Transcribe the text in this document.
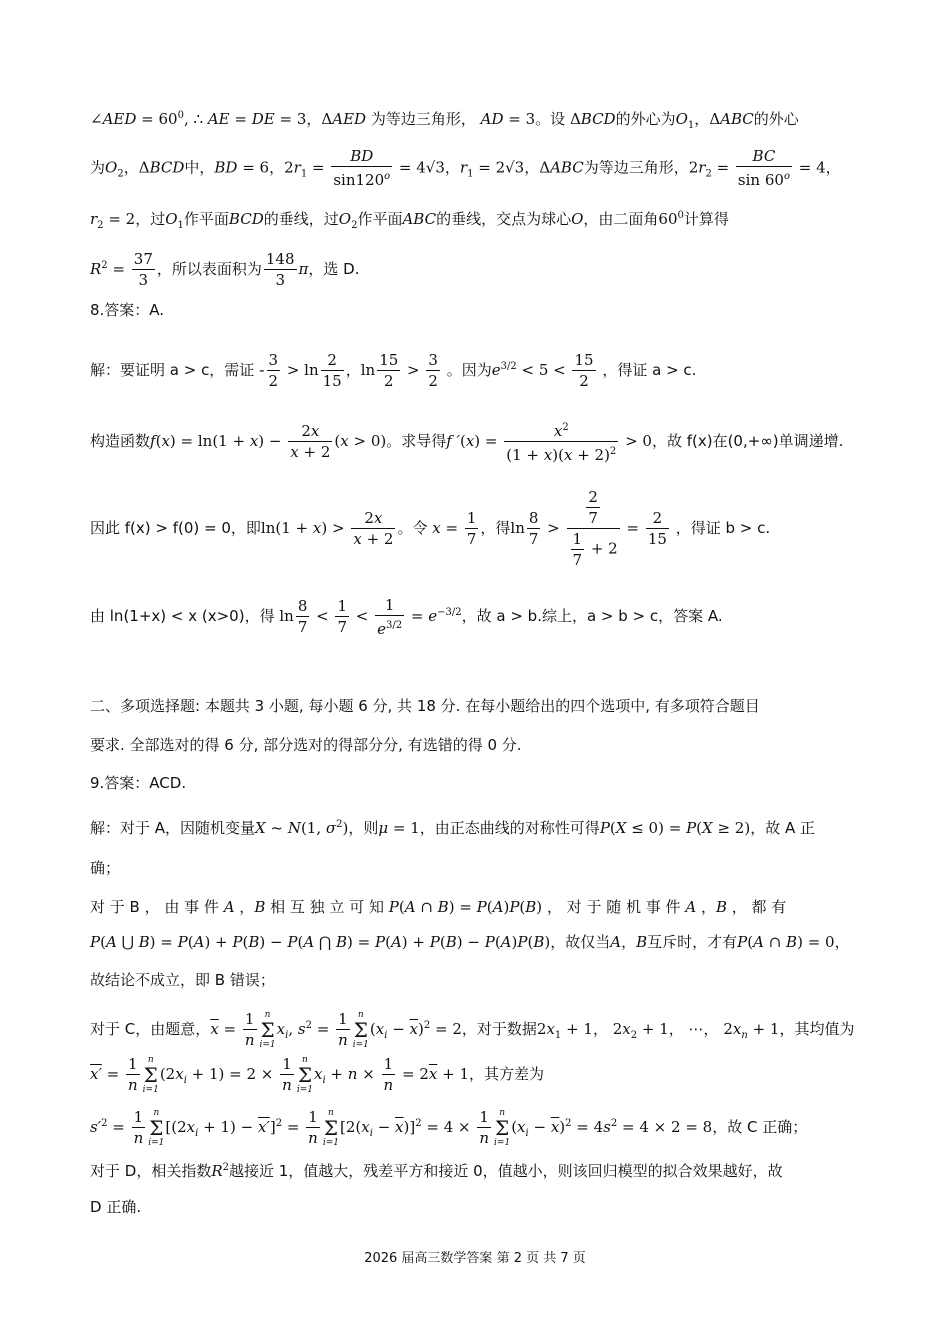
∠AED = $60^0$, ∴ AE = DE = 3，ΔAED 为等边三角形， AD = 3。设 ΔBCD的外心为$O_1$，ΔABC的外心
为$O_2$，ΔBCD中，BD = 6，$2r_1 = \frac{BD}{\sin 120^o} = 4√3$，$r_1 = 2√3$，ΔABC为等边三角形，$2r_2 = \frac{BC}{\sin 60^o} = 4$，
$r_2 = 2$，过$O_1$作平面BCD的垂线，过$O_2$作平面ABC的垂线，交点为球心O，由二面角$60^0$计算得
$R^2 = \frac{37}{3}$ ，所以表面积为 $\frac{148}{3}$ π，选 D.
8.答案：A.
解：要证明 a > c，需证 - $\frac{3}{2} > \ln \frac{2}{15}$ ，$\ln \frac{15}{2} > \frac{3}{2}$ 。因为$e^{3/2} < 5 < \frac{15}{2}$ ，得证 a > c.
构造函数$f(x) = \ln(1 + x) - \frac{2x}{x + 2} (x > 0)$。求导得f $'(x) = \frac{x^2}{(1 + x)(x + 2)^2} > 0$，故 f(x)在(0,+∞)单调递增.
因此 f(x) > f(0) = 0，即$\ln(1 + x) > \frac{2x}{x + 2}$ 。令 $x = \frac{1}{7}$ ，得$\ln \frac{8}{7} > \frac{\frac{2}{7}}{\frac{1}{7} + 2} = \frac{2}{15}$ ，得证 b > c.
由 ln(1+x) < x (x>0)，得 $\ln \frac{8}{7} < \frac{1}{7} < \frac{1}{e^{3/2}} = e^{-3/2}$，故 a > b.综上，a > b > c，答案 A.
二、多项选择题: 本题共 3 小题, 每小题 6 分, 共 18 分. 在每小题给出的四个选项中, 有多项符合题目
要求. 全部选对的得 6 分, 部分选对的得部分分, 有选错的得 0 分.
9.答案：ACD.
解：对于 A，因随机变量X ~ N(1, $\sigma^2$)，则μ = 1，由正态曲线的对称性可得P(X ≤ 0) = P(X ≥ 2)，故 A 正
确；
对 于 B ， 由 事 件 A ，B 相 互 独 立 可 知 P(A ∩ B) = P(A)P(B) ， 对 于 随 机 事 件 A ，B ， 都 有
P(A ⋃ B) = P(A) + P(B) − P(A ⋂ B) = P(A) + P(B) − P(A)P(B)，故仅当A，B互斥时，才有P(A ∩ B) = 0，
故结论不成立，即 B 错误；
对于 C，由题意，$\overline{x} = \frac{1}{n}$ n
Σ
i=1
$x_i$, $s^2 = \frac{1}{n}$ n
Σ
i=1
$(x_i - \overline{x})^2 = 2$，对于数据$2x_1 + 1$， $2x_2 + 1$， ⋯， $2x_n + 1$，其均值为
$x' = \frac{1}{n}$ n
Σ
i=1
$(2x_i + 1) = 2 \times \frac{1}{n}$ n
Σ
i=1
$x_i + n \times \frac{1}{n} = 2\overline{x} + 1$，其方差为
$s'^2 = \frac{1}{n}$ n
Σ
i=1
$[(2x_i + 1) - x']^2 = \frac{1}{n}$ n
Σ
i=1
$[2(x_i - \overline{x})]^2 = 4 \times \frac{1}{n}$ n
Σ
i=1
$(x_i - \overline{x})^2 = 4s^2 = 4 \times 2 = 8$，故 C 正确；
对于 D，相关指数$R^2$越接近 1，值越大，残差平方和接近 0，值越小，则该回归模型的拟合效果越好，故
D 正确.
2026 届高三数学答案 第 2 页 共 7 页
